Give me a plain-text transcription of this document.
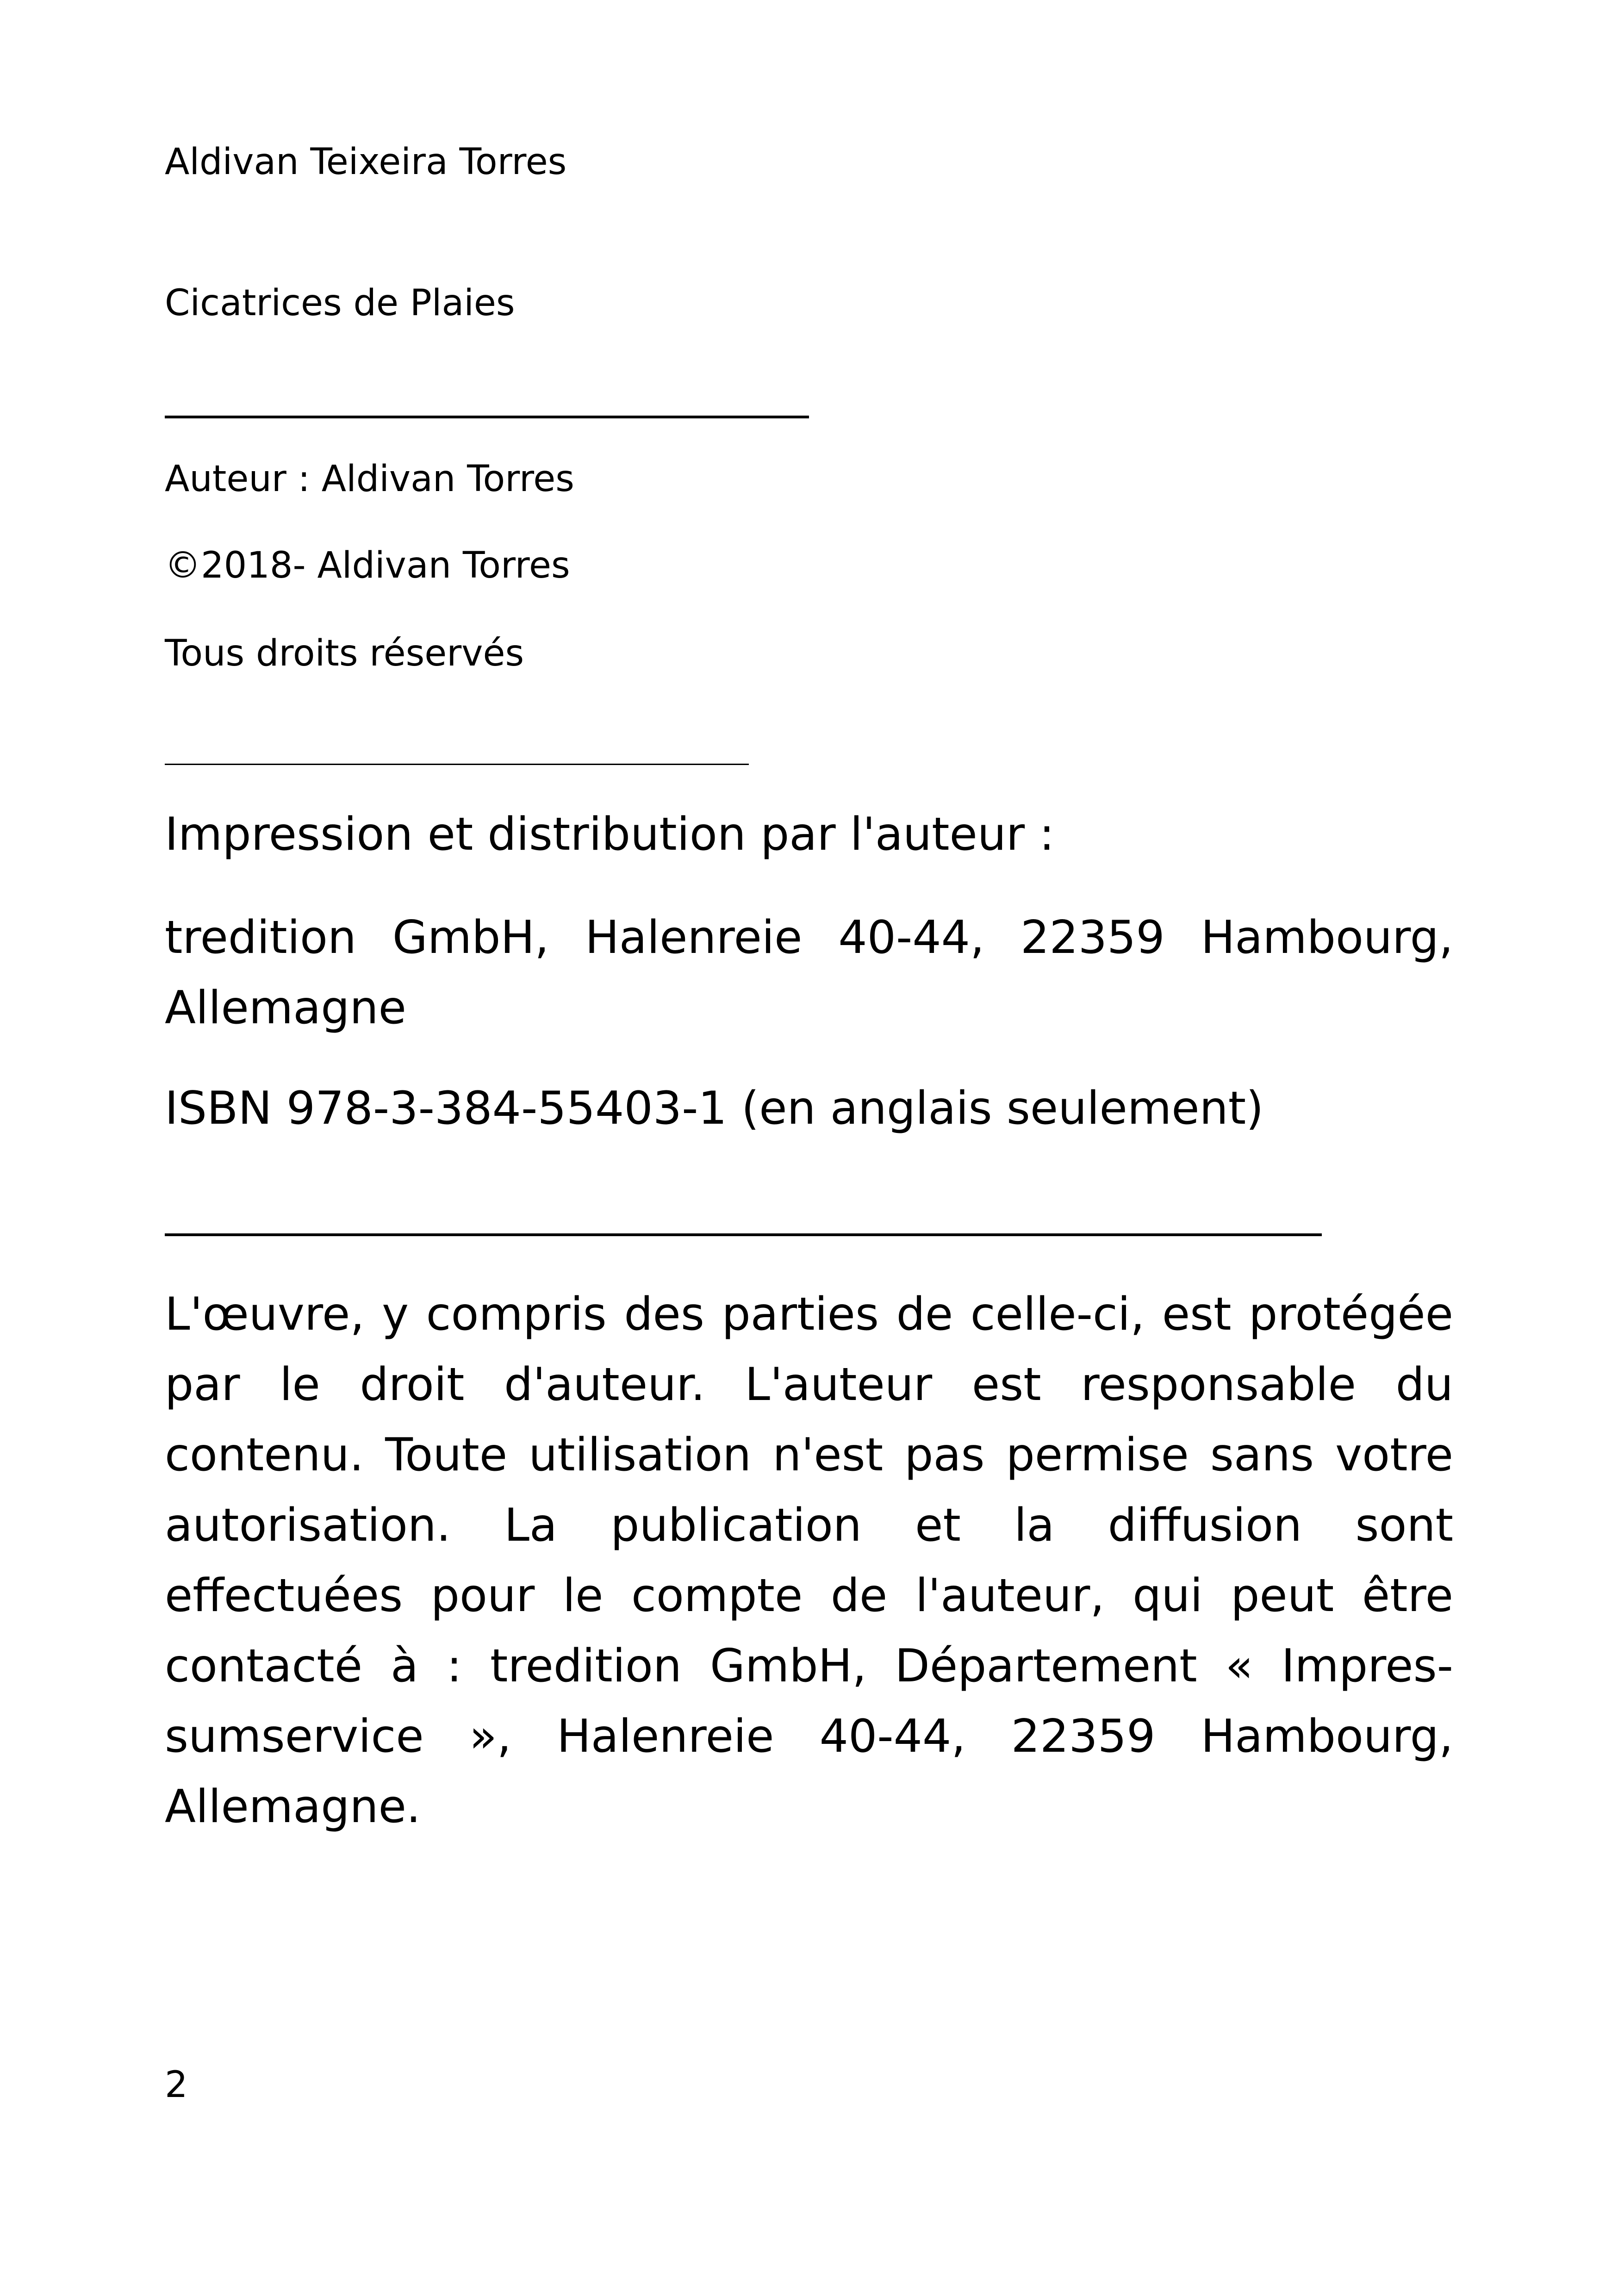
Aldivan Teixeira Torres

Cicatrices de Plaies

Auteur : Aldivan Torres

©2018- Aldivan Torres

Tous droits réservés

Impression et distribution par l'auteur :

tredition GmbH, Halenreie 40-44, 22359 Hambourg, Allemagne

ISBN 978-3-384-55403-1 (en anglais seulement)

L'œuvre, y compris des parties de celle-ci, est protégée par le droit d'auteur. L'auteur est responsable du contenu. Toute utilisation n'est pas permise sans votre autorisation. La publication et la diffusion sont effectuées pour le compte de l'auteur, qui peut être contacté à : tredition GmbH, Département « Impres-sumservice », Halenreie 40-44, 22359 Hambourg, Allemagne.

2
